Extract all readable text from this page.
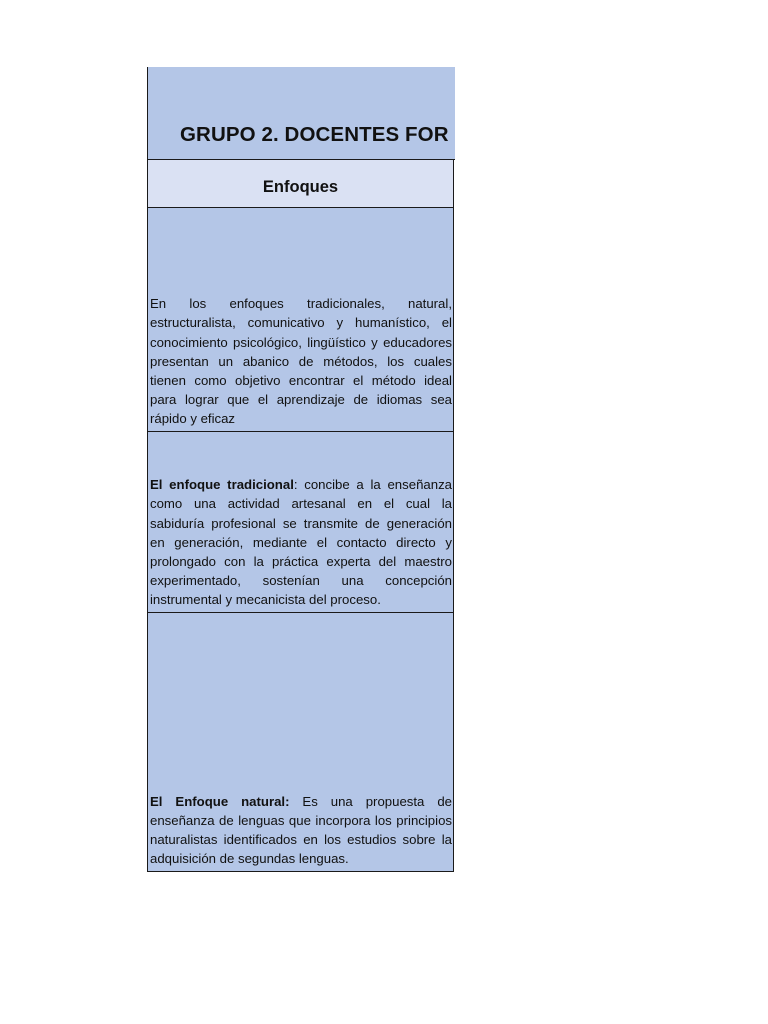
GRUPO 2. DOCENTES FOR
Enfoques

En los enfoques tradicionales, natural, estructuralista, comunicativo y humanístico, el conocimiento psicológico, lingüístico y educadores presentan un abanico de métodos, los cuales tienen como objetivo encontrar el método ideal para lograr que el aprendizaje de idiomas sea rápido y eficaz

El enfoque tradicional: concibe a la enseñanza como una actividad artesanal en el cual la sabiduría profesional se transmite de generación en generación, mediante el contacto directo y prolongado con la práctica experta del maestro experimentado, sostenían una concepción instrumental y mecanicista del proceso.

El Enfoque natural: Es una propuesta de enseñanza de lenguas que incorpora los principios naturalistas identificados en los estudios sobre la adquisición de segundas lenguas.
